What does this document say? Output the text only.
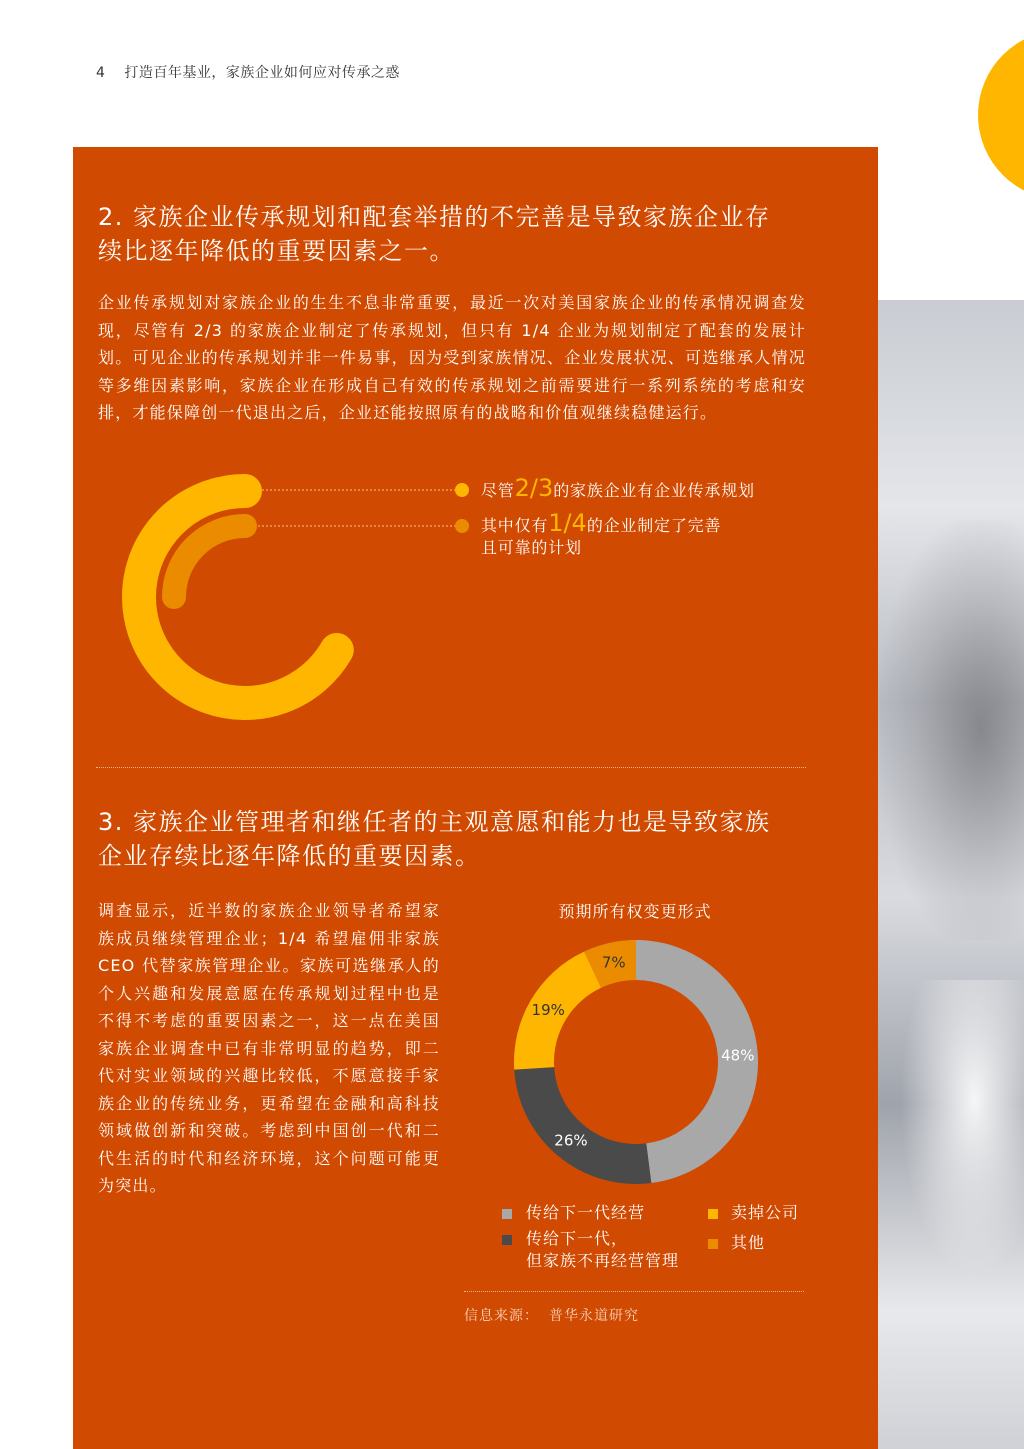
4 打造百年基业，家族企业如何应对传承之惑
2. 家族企业传承规划和配套举措的不完善是导致家族企业存
续比逐年降低的重要因素之一。
企业传承规划对家族企业的生生不息非常重要，最近一次对美国家族企业的传承情况调查发现，尽管有 2/3 的家族企业制定了传承规划，但只有 1/4 企业为规划制定了配套的发展计划。可见企业的传承规划并非一件易事，因为受到家族情况、企业发展状况、可选继承人情况等多维因素影响，家族企业在形成自己有效的传承规划之前需要进行一系列系统的考虑和安排，才能保障创一代退出之后，企业还能按照原有的战略和价值观继续稳健运行。
尽管2/3的家族企业有企业传承规划
其中仅有1/4的企业制定了完善
且可靠的计划
3. 家族企业管理者和继任者的主观意愿和能力也是导致家族
企业存续比逐年降低的重要因素。
调查显示，近半数的家族企业领导者希望家族成员继续管理企业；1/4 希望雇佣非家族 CEO 代替家族管理企业。家族可选继承人的个人兴趣和发展意愿在传承规划过程中也是不得不考虑的重要因素之一，这一点在美国家族企业调查中已有非常明显的趋势，即二代对实业领域的兴趣比较低，不愿意接手家族企业的传统业务，更希望在金融和高科技领域做创新和突破。考虑到中国创一代和二代生活的时代和经济环境，这个问题可能更为突出。
预期所有权变更形式
48%
26%
19%
7%
传给下一代经营
传给下一代，
但家族不再经营管理
卖掉公司
其他
信息来源： 普华永道研究
